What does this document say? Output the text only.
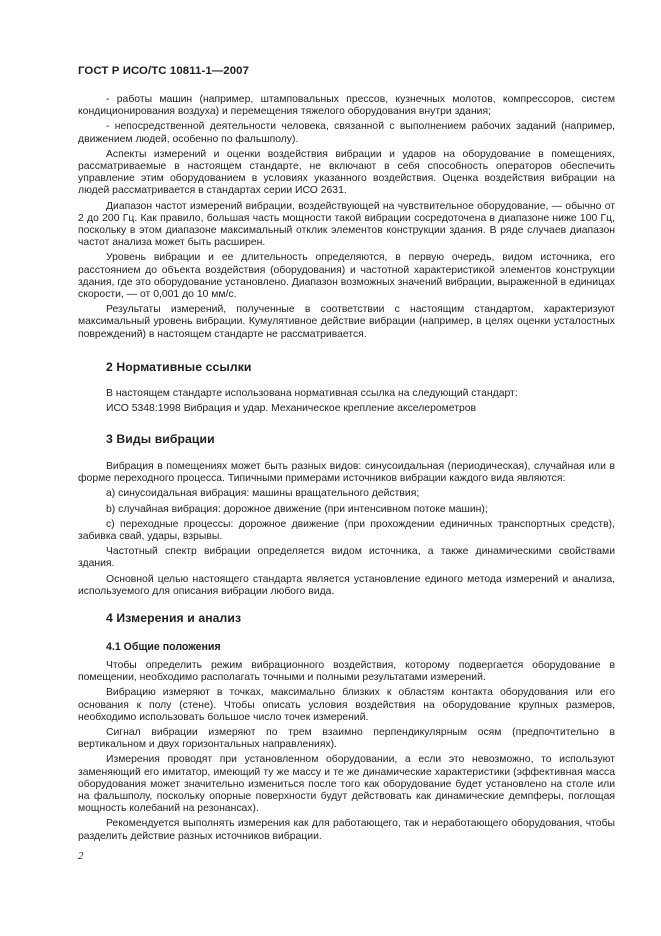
ГОСТ Р ИСО/ТС 10811-1—2007

- работы машин (например, штамповальных прессов, кузнечных молотов, компрессоров, систем кондиционирования воздуха) и перемещения тяжелого оборудования внутри здания;

- непосредственной деятельности человека, связанной с выполнением рабочих заданий (например, движением людей, особенно по фальшполу).

Аспекты измерений и оценки воздействия вибрации и ударов на оборудование в помещениях, рассматриваемые в настоящем стандарте, не включают в себя способность операторов обеспечить управление этим оборудованием в условиях указанного воздействия. Оценка воздействия вибрации на людей рассматривается в стандартах серии ИСО 2631.

Диапазон частот измерений вибрации, воздействующей на чувствительное оборудование, — обычно от 2 до 200 Гц. Как правило, большая часть мощности такой вибрации сосредоточена в диапазоне ниже 100 Гц, поскольку в этом диапазоне максимальный отклик элементов конструкции здания. В ряде случаев диапазон частот анализа может быть расширен.

Уровень вибрации и ее длительность определяются, в первую очередь, видом источника, его расстоянием до объекта воздействия (оборудования) и частотной характеристикой элементов конструкции здания, где это оборудование установлено. Диапазон возможных значений вибрации, выраженной в единицах скорости, — от 0,001 до 10 мм/с.

Результаты измерений, полученные в соответствии с настоящим стандартом, характеризуют максимальный уровень вибрации. Кумулятивное действие вибрации (например, в целях оценки усталостных повреждений) в настоящем стандарте не рассматривается.

2 Нормативные ссылки

В настоящем стандарте использована нормативная ссылка на следующий стандарт:

ИСО 5348:1998 Вибрация и удар. Механическое крепление акселерометров

3 Виды вибрации

Вибрация в помещениях может быть разных видов: синусоидальная (периодическая), случайная или в форме переходного процесса. Типичными примерами источников вибрации каждого вида являются:

a) синусоидальная вибрация: машины вращательного действия;

b) случайная вибрация: дорожное движение (при интенсивном потоке машин);

c) переходные процессы: дорожное движение (при прохождении единичных транспортных средств), забивка свай, удары, взрывы.

Частотный спектр вибрации определяется видом источника, а также динамическими свойствами здания.

Основной целью настоящего стандарта является установление единого метода измерений и анализа, используемого для описания вибрации любого вида.

4 Измерения и анализ
4.1 Общие положения

Чтобы определить режим вибрационного воздействия, которому подвергается оборудование в помещении, необходимо располагать точными и полными результатами измерений.

Вибрацию измеряют в точках, максимально близких к областям контакта оборудования или его основания к полу (стене). Чтобы описать условия воздействия на оборудование крупных размеров, необходимо использовать большое число точек измерений.

Сигнал вибрации измеряют по трем взаимно перпендикулярным осям (предпочтительно в вертикальном и двух горизонтальных направлениях).

Измерения проводят при установленном оборудовании, а если это невозможно, то используют заменяющий его имитатор, имеющий ту же массу и те же динамические характеристики (эффективная масса оборудования может значительно измениться после того как оборудование будет установлено на столе или на фальшполу, поскольку опорные поверхности будут действовать как динамические демпферы, поглощая мощность колебаний на резонансах).

Рекомендуется выполнять измерения как для работающего, так и неработающего оборудования, чтобы разделить действие разных источников вибрации.

2
